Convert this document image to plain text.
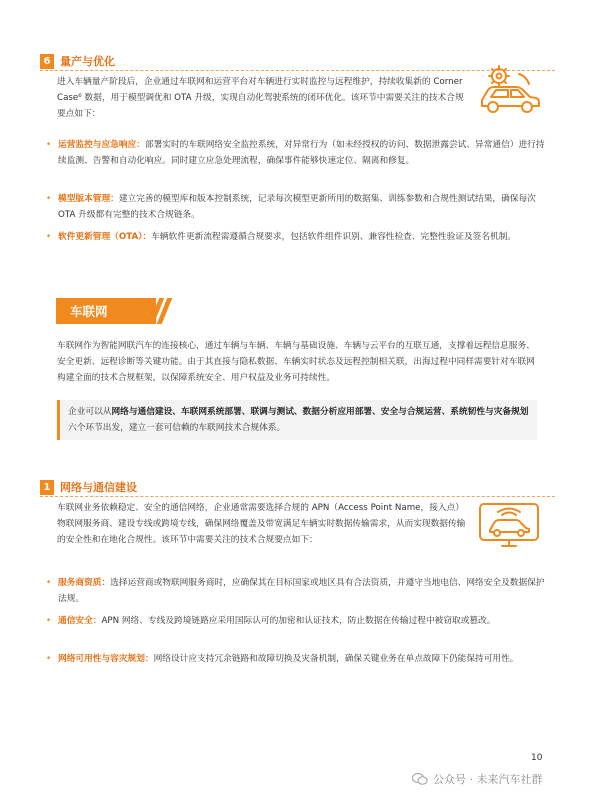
6 量产与优化

进入车辆量产阶段后，企业通过车联网和运营平台对车辆进行实时监控与远程维护，持续收集新的 Corner Case⁶ 数据，用于模型调优和 OTA 升级，实现自动化驾驶系统的闭环优化。该环节中需要关注的技术合规要点如下：

• 运营监控与应急响应：部署实时的车联网络安全监控系统，对异常行为（如未经授权的访问、数据泄露尝试、异常通信）进行持续监测、告警和自动化响应。同时建立应急处理流程，确保事件能够快速定位、隔离和修复。

• 模型版本管理：建立完善的模型库和版本控制系统，记录每次模型更新所用的数据集、训练参数和合规性测试结果，确保每次 OTA 升级都有完整的技术合规链条。

• 软件更新管理（OTA）：车辆软件更新流程需遵循合规要求，包括软件组件识别、兼容性检查、完整性验证及签名机制。

车联网

车联网作为智能网联汽车的连接核心，通过车辆与车辆、车辆与基础设施、车辆与云平台的互联互通，支撑着远程信息服务、安全更新、远程诊断等关键功能。由于其直接与隐私数据、车辆实时状态及远程控制相关联，出海过程中同样需要针对车联网构建全面的技术合规框架，以保障系统安全、用户权益及业务可持续性。

企业可以从网络与通信建设、车联网系统部署、联调与测试、数据分析应用部署、安全与合规运营、系统韧性与灾备规划六个环节出发，建立一套可信赖的车联网技术合规体系。
1 网络与通信建设

车联网业务依赖稳定、安全的通信网络，企业通常需要选择合规的 APN（Access Point Name，接入点）物联网服务商、建设专线或跨境专线，确保网络覆盖及带宽满足车辆实时数据传输需求，从而实现数据传输的安全性和在地化合规性。该环节中需要关注的技术合规要点如下：

• 服务商资质：选择运营商或物联网服务商时，应确保其在目标国家或地区具有合法资质，并遵守当地电信、网络安全及数据保护法规。

• 通信安全：APN 网络、专线及跨境链路应采用国际认可的加密和认证技术，防止数据在传输过程中被窃取或篡改。

• 网络可用性与容灾规划：网络设计应支持冗余链路和故障切换及灾备机制，确保关键业务在单点故障下仍能保持可用性。

10
公众号 · 未来汽车社群
